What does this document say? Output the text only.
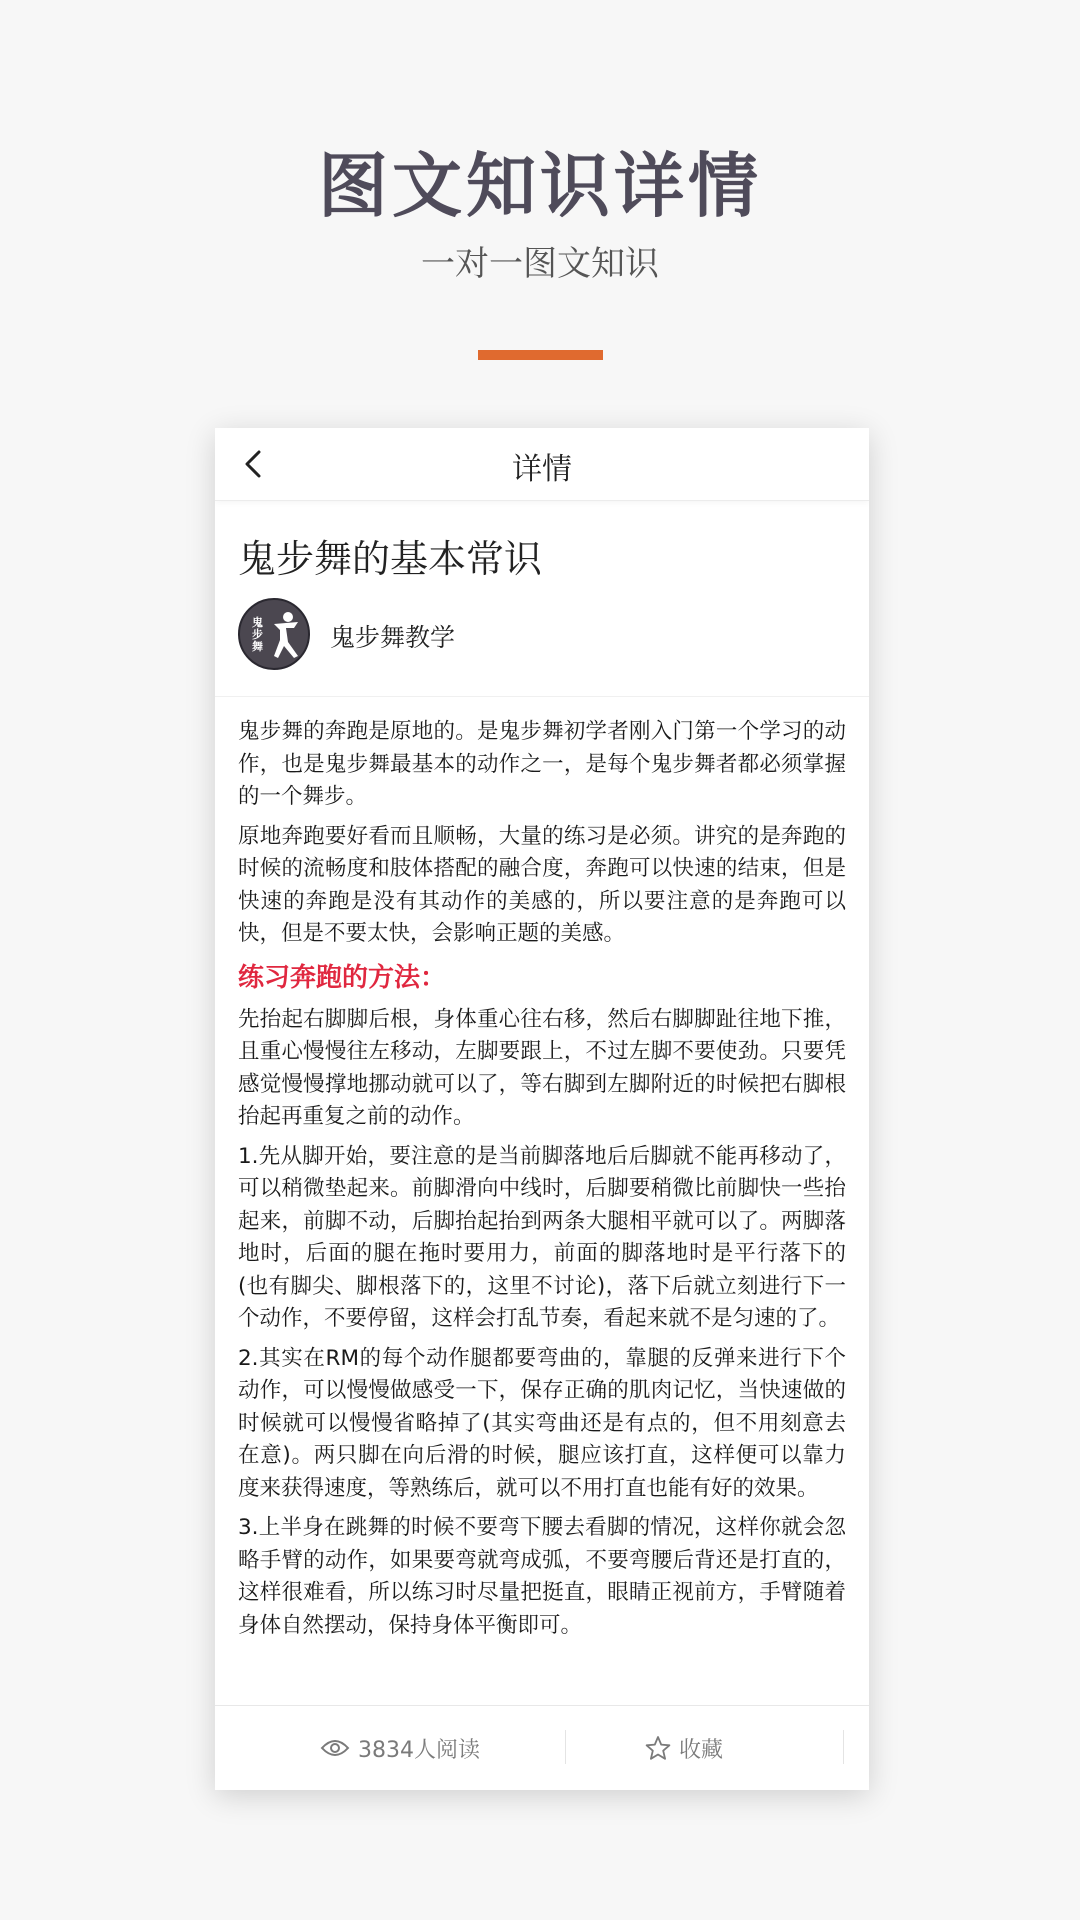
图文知识详情
一对一图文知识
详情
鬼步舞的基本常识
鬼步舞	鬼步舞教学

鬼步舞的奔跑是原地的。是鬼步舞初学者刚入门第一个学习的动作，也是鬼步舞最基本的动作之一，是每个鬼步舞者都必须掌握的一个舞步。

原地奔跑要好看而且顺畅，大量的练习是必须。讲究的是奔跑的时候的流畅度和肢体搭配的融合度，奔跑可以快速的结束，但是快速的奔跑是没有其动作的美感的，所以要注意的是奔跑可以快，但是不要太快，会影响正题的美感。

练习奔跑的方法：

先抬起右脚脚后根，身体重心往右移，然后右脚脚趾往地下推，且重心慢慢往左移动，左脚要跟上，不过左脚不要使劲。只要凭感觉慢慢撑地挪动就可以了，等右脚到左脚附近的时候把右脚根抬起再重复之前的动作。

1.先从脚开始，要注意的是当前脚落地后后脚就不能再移动了，可以稍微垫起来。前脚滑向中线时，后脚要稍微比前脚快一些抬起来，前脚不动，后脚抬起抬到两条大腿相平就可以了。两脚落地时，后面的腿在拖时要用力，前面的脚落地时是平行落下的(也有脚尖、脚根落下的，这里不讨论)，落下后就立刻进行下一个动作，不要停留，这样会打乱节奏，看起来就不是匀速的了。

2.其实在RM的每个动作腿都要弯曲的，靠腿的反弹来进行下个动作，可以慢慢做感受一下，保存正确的肌肉记忆，当快速做的时候就可以慢慢省略掉了(其实弯曲还是有点的，但不用刻意去在意)。两只脚在向后滑的时候，腿应该打直，这样便可以靠力度来获得速度，等熟练后，就可以不用打直也能有好的效果。

3.上半身在跳舞的时候不要弯下腰去看脚的情况，这样你就会忽略手臂的动作，如果要弯就弯成弧，不要弯腰后背还是打直的，这样很难看，所以练习时尽量把挺直，眼睛正视前方，手臂随着身体自然摆动，保持身体平衡即可。

3834人阅读	收藏
